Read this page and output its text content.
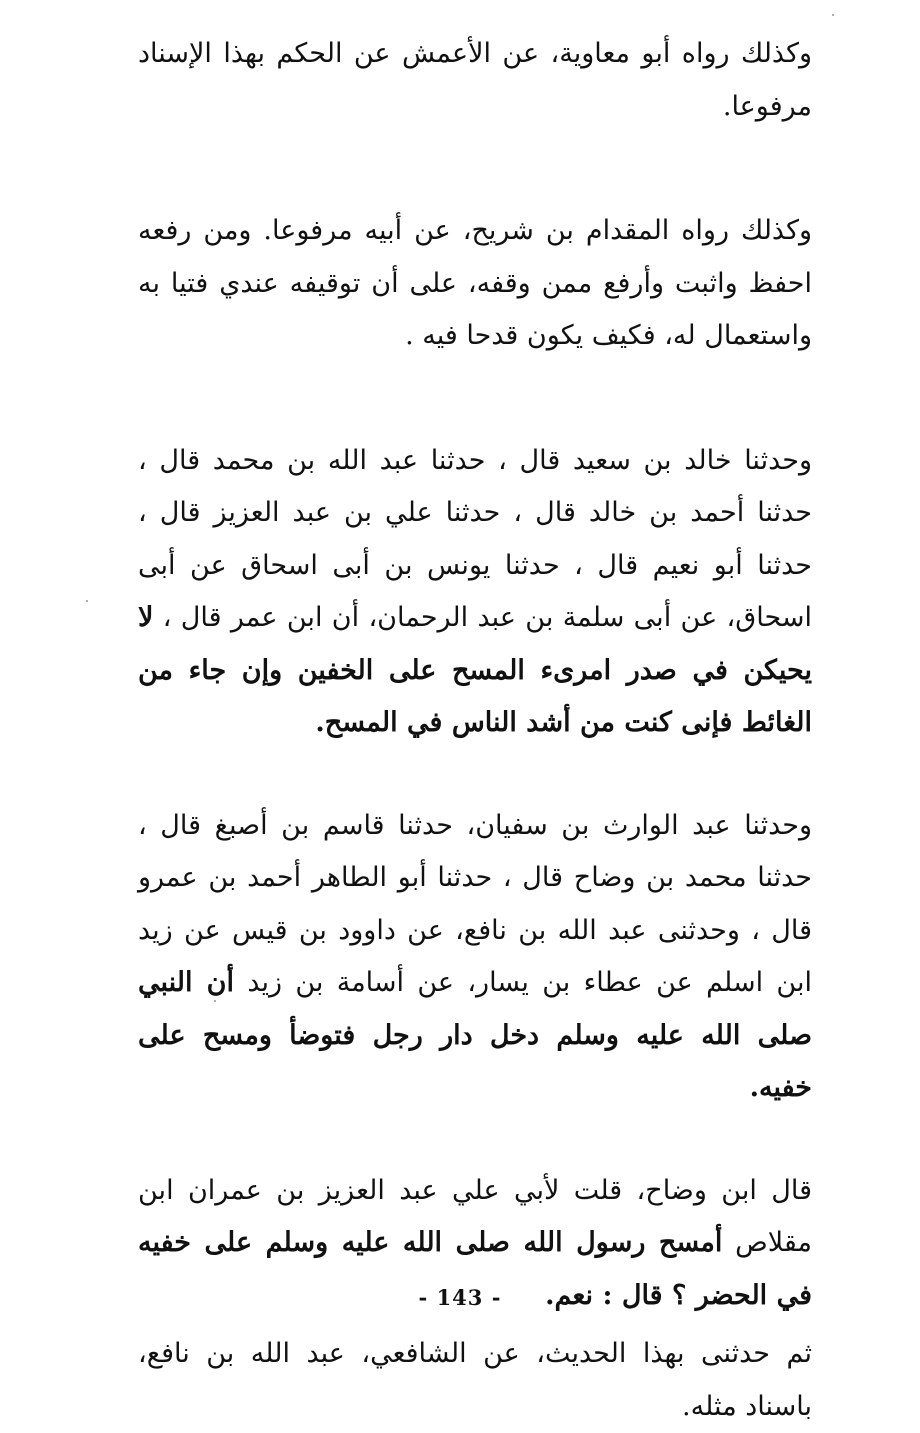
وكذلك رواه أبو معاوية، عن الأعمش عن الحكم بهذا الإسناد مرفوعا.

وكذلك رواه المقدام بن شريح، عن أبيه مرفوعا. ومن رفعه احفظ واثبت وأرفع ممن وقفه، على أن توقيفه عندي فتيا به واستعمال له، فكيف يكون قدحا فيه .

وحدثنا خالد بن سعيد قال ، حدثنا عبد الله بن محمد قال ، حدثنا أحمد بن خالد قال ، حدثنا علي بن عبد العزيز قال ، حدثنا أبو نعيم قال ، حدثنا يونس بن أبى اسحاق عن أبى اسحاق، عن أبى سلمة بن عبد الرحمان، أن ابن عمر قال ، لا يحيكن في صدر امرىء المسح على الخفين وإن جاء من الغائط فإنى كنت من أشد الناس في المسح.

وحدثنا عبد الوارث بن سفيان، حدثنا قاسم بن أصبغ قال ، حدثنا محمد بن وضاح قال ، حدثنا أبو الطاهر أحمد بن عمرو قال ، وحدثنى عبد الله بن نافع، عن داوود بن قيس عن زيد ابن اسلم عن عطاء بن يسار، عن أسامة بن زيد أن النبي صلى الله عليه وسلم دخل دار رجل فتوضأ ومسح على خفيه.

قال ابن وضاح، قلت لأبي علي عبد العزيز بن عمران ابن مقلاص أمسح رسول الله صلى الله عليه وسلم على خفيه في الحضر ؟ قال : نعم.

ثم حدثنى بهذا الحديث، عن الشافعي، عبد الله بن نافع، باسناد مثله.

- 143 -
